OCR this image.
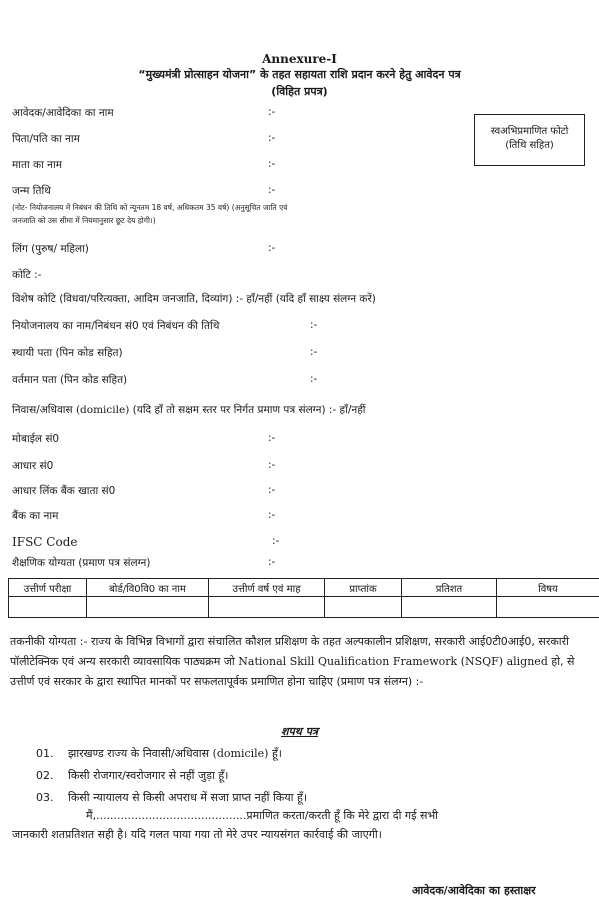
Annexure-I
“मुख्यमंत्री प्रोत्साहन योजना” के तहत सहायता राशि प्रदान करने हेतु आवेदन पत्र
(विहित प्रपत्र)
स्वअभिप्रमाणित फोटो
(तिथि सहित)
आवेदक/आवेदिका का नाम	:-
पिता/पति का नाम	:-
माता का नाम	:-
जन्म तिथि	:-
(नोट- नियोजनालय में निबंधन की तिथि को न्यूनतम 18 वर्ष, अधिकतम 35 वर्ष) (अनुसूचित जाति एवं
जनजाति को उस सीमा में नियमानुसार छूट देय होगी।)
लिंग (पुरुष/ महिला)	:-
कोटि :-
विशेष कोटि (विधवा/परित्यक्ता, आदिम जनजाति, दिव्यांग) :- हाँ/नहीं (यदि हाँ साक्ष्य संलग्न करें)
नियोजनालय का नाम/निबंधन सं0 एवं निबंधन की तिथि	:-
स्थायी पता (पिन कोड सहित)	:-
वर्तमान पता (पिन कोड सहित)	:-
निवास/अधिवास (domicile) (यदि हाँ तो सक्षम स्तर पर निर्गत प्रमाण पत्र संलग्न) :- हाँ/नहीं
मोबाईल सं0	:-
आधार सं0	:-
आधार लिंक बैंक खाता सं0	:-
बैंक का नाम	:-
IFSC Code	:-
शैक्षणिक योग्यता (प्रमाण पत्र संलग्न)	:-
उत्तीर्ण परीक्षा	बोर्ड/वि0वि0 का नाम	उत्तीर्ण वर्ष एवं माह	प्राप्तांक	प्रतिशत	विषय

तकनीकी योग्यता :- राज्य के विभिन्न विभागों द्वारा संचालित कौशल प्रशिक्षण के तहत अल्पकालीन प्रशिक्षण, सरकारी आई0टी0आई0, सरकारी पॉलीटेक्निक एवं अन्य सरकारी व्यावसायिक पाठ्यक्रम जो National Skill Qualification Framework (NSQF) aligned हो, से उत्तीर्ण एवं सरकार के द्वारा स्थापित मानकों पर सफलतापूर्वक प्रमाणित होना चाहिए (प्रमाण पत्र संलग्न) :-
शपथ पत्र
01. झारखण्ड राज्य के निवासी/अधिवास (domicile) हूँ।
02. किसी रोजगार/स्वरोजगार से नहीं जुड़ा हूँ।
03. किसी न्यायालय से किसी अपराध में सजा प्राप्त नहीं किया हूँ।
मैं,...........................................प्रमाणित करता/करती हूँ कि मेरे द्वारा दी गई सभी
जानकारी शतप्रतिशत सही है। यदि गलत पाया गया तो मेरे उपर न्यायसंगत कार्रवाई की जाएगी।
आवेदक/आवेदिका का हस्ताक्षर
